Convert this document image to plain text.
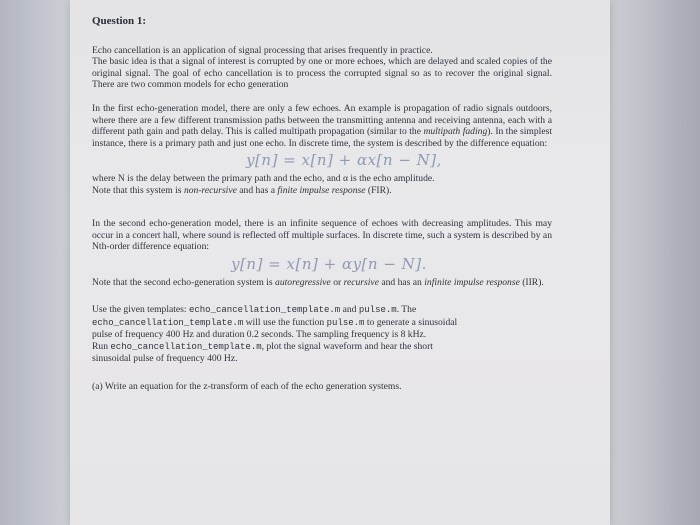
Question 1:

Echo cancellation is an application of signal processing that arises frequently in practice.

The basic idea is that a signal of interest is corrupted by one or more echoes, which are delayed and scaled copies of the original signal. The goal of echo cancellation is to process the corrupted signal so as to recover the original signal. There are two common models for echo generation

In the first echo-generation model, there are only a few echoes. An example is propagation of radio signals outdoors, where there are a few different transmission paths between the transmitting antenna and receiving antenna, each with a different path gain and path delay. This is called multipath propagation (similar to the multipath fading). In the simplest instance, there is a primary path and just one echo. In discrete time, the system is described by the difference equation:

y[n] = x[n] + αx[n − N],

where N is the delay between the primary path and the echo, and α is the echo amplitude.

Note that this system is non-recursive and has a finite impulse response (FIR).

In the second echo-generation model, there is an infinite sequence of echoes with decreasing amplitudes. This may occur in a concert hall, where sound is reflected off multiple surfaces. In discrete time, such a system is described by an Nth-order difference equation:

y[n] = x[n] + αy[n − N].

Note that the second echo-generation system is autoregressive or recursive and has an infinite impulse response (IIR).

Use the given templates: echo_cancellation_template.m and pulse.m. The

echo_cancellation_template.m will use the function pulse.m to generate a sinusoidal

pulse of frequency 400 Hz and duration 0.2 seconds. The sampling frequency is 8 kHz.

Run echo_cancellation_template.m, plot the signal waveform and hear the short

sinusoidal pulse of frequency 400 Hz.

(a) Write an equation for the z-transform of each of the echo generation systems.
